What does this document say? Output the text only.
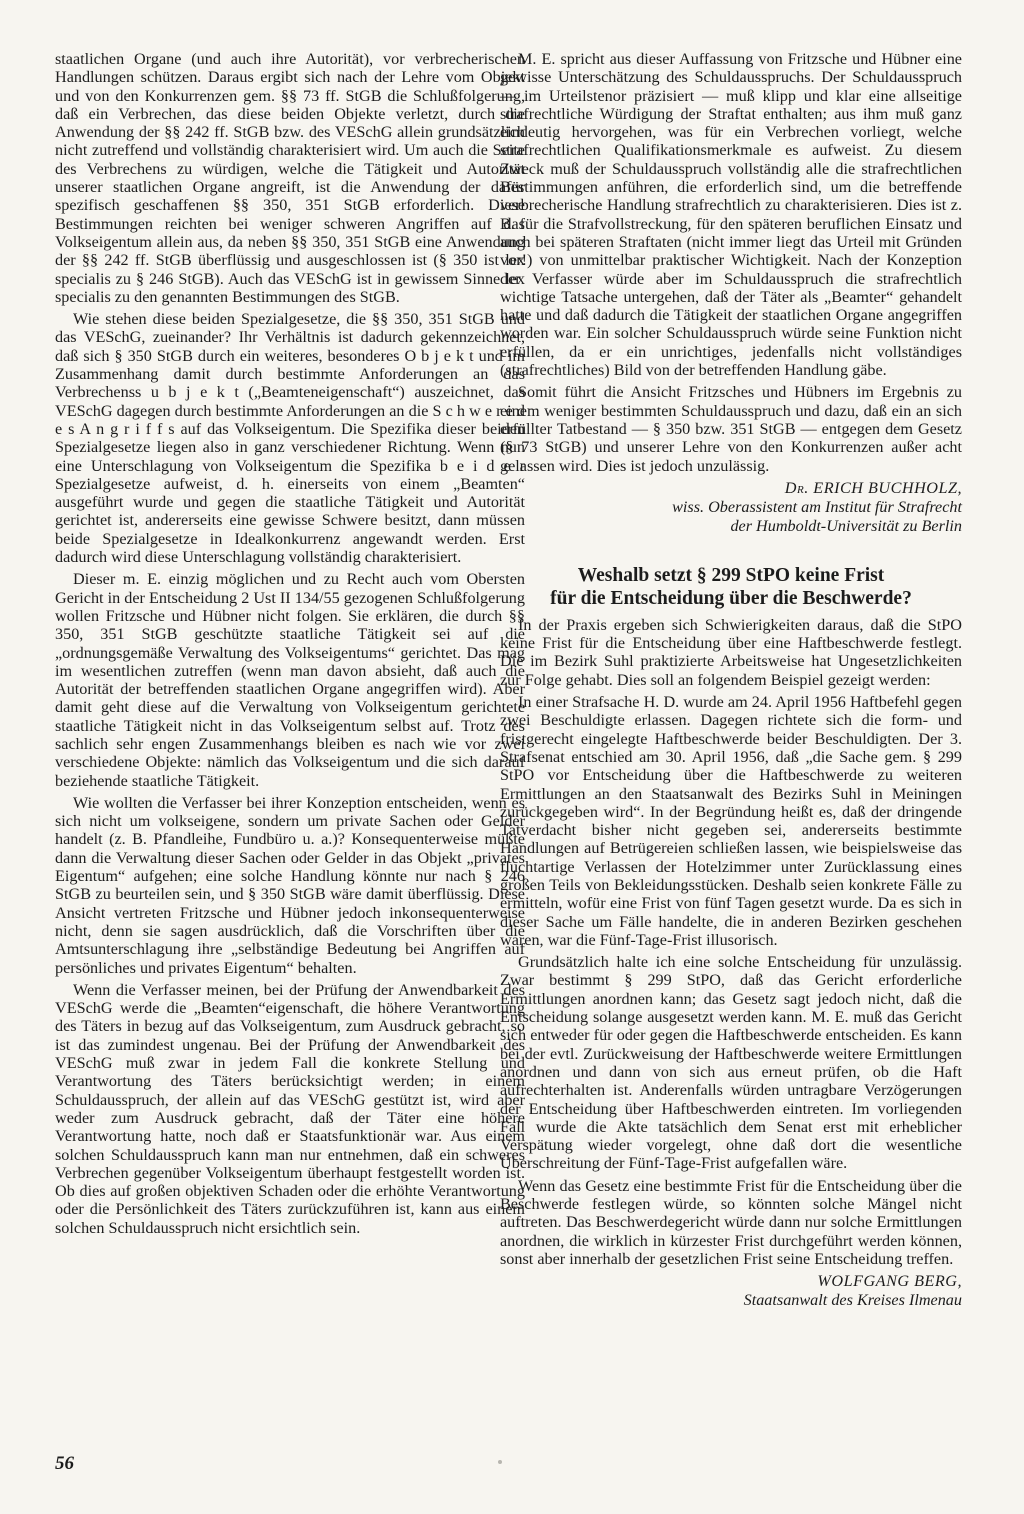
staatlichen Organe (und auch ihre Autorität), vor verbrecherischen Handlungen schützen. Daraus ergibt sich nach der Lehre vom Objekt und von den Konkurrenzen gem. §§ 73 ff. StGB die Schlußfolgerung, daß ein Verbrechen, das diese beiden Objekte verletzt, durch die Anwendung der §§ 242 ff. StGB bzw. des VESchG allein grundsätzlich nicht zutreffend und vollständig charakterisiert wird. Um auch die Seite des Verbrechens zu würdigen, welche die Tätigkeit und Autorität unserer staatlichen Organe angreift, ist die Anwendung der dafür spezifisch geschaffenen §§ 350, 351 StGB erforderlich. Diese Bestimmungen reichten bei weniger schweren Angriffen auf das Volkseigentum allein aus, da neben §§ 350, 351 StGB eine Anwendung der §§ 242 ff. StGB überflüssig und ausgeschlossen ist (§ 350 ist lex specialis zu § 246 StGB). Auch das VESchG ist in gewissem Sinne lex specialis zu den genannten Bestimmungen des StGB.

Wie stehen diese beiden Spezialgesetze, die §§ 350, 351 StGB und das VESchG, zueinander? Ihr Verhältnis ist dadurch gekennzeichnet, daß sich § 350 StGB durch ein weiteres, besonderes O b j e k t und im Zusammenhang damit durch bestimmte Anforderungen an das Verbrechenss u b j e k t („Beamteneigenschaft“) auszeichnet, das VESchG dagegen durch bestimmte Anforderungen an die S c h w e r e d e s A n g r i f f s auf das Volkseigentum. Die Spezifika dieser beiden Spezialgesetze liegen also in ganz verschiedener Richtung. Wenn nun eine Unterschlagung von Volkseigentum die Spezifika b e i d e r Spezialgesetze aufweist, d. h. einerseits von einem „Beamten“ ausgeführt wurde und gegen die staatliche Tätigkeit und Autorität gerichtet ist, andererseits eine gewisse Schwere besitzt, dann müssen beide Spezialgesetze in Idealkonkurrenz angewandt werden. Erst dadurch wird diese Unterschlagung vollständig charakterisiert.

Dieser m. E. einzig möglichen und zu Recht auch vom Obersten Gericht in der Entscheidung 2 Ust II 134/55 gezogenen Schlußfolgerung wollen Fritzsche und Hübner nicht folgen. Sie erklären, die durch §§ 350, 351 StGB geschützte staatliche Tätigkeit sei auf die „ordnungsgemäße Verwaltung des Volkseigentums“ gerichtet. Das mag im wesentlichen zutreffen (wenn man davon absieht, daß auch die Autorität der betreffenden staatlichen Organe angegriffen wird). Aber damit geht diese auf die Verwaltung von Volkseigentum gerichtete staatliche Tätigkeit nicht in das Volkseigentum selbst auf. Trotz des sachlich sehr engen Zusammenhangs bleiben es nach wie vor zwei verschiedene Objekte: nämlich das Volkseigentum und die sich darauf beziehende staatliche Tätigkeit.

Wie wollten die Verfasser bei ihrer Konzeption entscheiden, wenn es sich nicht um volkseigene, sondern um private Sachen oder Gelder handelt (z. B. Pfandleihe, Fundbüro u. a.)? Konsequenterweise müßte dann die Verwaltung dieser Sachen oder Gelder in das Objekt „privates Eigentum“ aufgehen; eine solche Handlung könnte nur nach § 246 StGB zu beurteilen sein, und § 350 StGB wäre damit überflüssig. Diese Ansicht vertreten Fritzsche und Hübner jedoch inkonsequenterweise nicht, denn sie sagen ausdrücklich, daß die Vorschriften über die Amtsunterschlagung ihre „selbständige Bedeutung bei Angriffen auf persönliches und privates Eigentum“ behalten.

Wenn die Verfasser meinen, bei der Prüfung der Anwendbarkeit des VESchG werde die „Beamten“eigenschaft, die höhere Verantwortung des Täters in bezug auf das Volkseigentum, zum Ausdruck gebracht, so ist das zumindest ungenau. Bei der Prüfung der Anwendbarkeit des VESchG muß zwar in jedem Fall die konkrete Stellung und Verantwortung des Täters berücksichtigt werden; in einem Schuldausspruch, der allein auf das VESchG gestützt ist, wird aber weder zum Ausdruck gebracht, daß der Täter eine höhere Verantwortung hatte, noch daß er Staatsfunktionär war. Aus einem solchen Schuldausspruch kann man nur entnehmen, daß ein schweres Verbrechen gegenüber Volkseigentum überhaupt festgestellt worden ist. Ob dies auf großen objektiven Schaden oder die erhöhte Verantwortung oder die Persönlichkeit des Täters zurückzuführen ist, kann aus einem solchen Schuldausspruch nicht ersichtlich sein.

M. E. spricht aus dieser Auffassung von Fritzsche und Hübner eine gewisse Unterschätzung des Schuldausspruchs. Der Schuldausspruch — im Urteilstenor präzisiert — muß klipp und klar eine allseitige strafrechtliche Würdigung der Straftat enthalten; aus ihm muß ganz eindeutig hervorgehen, was für ein Verbrechen vorliegt, welche strafrechtlichen Qualifikationsmerkmale es aufweist. Zu diesem Zweck muß der Schuldausspruch vollständig alle die strafrechtlichen Bestimmungen anführen, die erforderlich sind, um die betreffende verbrecherische Handlung strafrechtlich zu charakterisieren. Dies ist z. B. für die Strafvollstreckung, für den späteren beruflichen Einsatz und auch bei späteren Straftaten (nicht immer liegt das Urteil mit Gründen vor!) von unmittelbar praktischer Wichtigkeit. Nach der Konzeption der Verfasser würde aber im Schuldausspruch die strafrechtlich wichtige Tatsache untergehen, daß der Täter als „Beamter“ gehandelt hatte und daß dadurch die Tätigkeit der staatlichen Organe angegriffen worden war. Ein solcher Schuldausspruch würde seine Funktion nicht erfüllen, da er ein unrichtiges, jedenfalls nicht vollständiges (strafrechtliches) Bild von der betreffenden Handlung gäbe.

Somit führt die Ansicht Fritzsches und Hübners im Ergebnis zu einem weniger bestimmten Schuldausspruch und dazu, daß ein an sich erfüllter Tatbestand — § 350 bzw. 351 StGB — entgegen dem Gesetz (§ 73 StGB) und unserer Lehre von den Konkurrenzen außer acht gelassen wird. Dies ist jedoch unzulässig.

Dr. ERICH BUCHHOLZ,
wiss. Oberassistent am Institut für Strafrecht
der Humboldt-Universität zu Berlin
Weshalb setzt § 299 StPO keine Frist
für die Entscheidung über die Beschwerde?

In der Praxis ergeben sich Schwierigkeiten daraus, daß die StPO keine Frist für die Entscheidung über eine Haftbeschwerde festlegt. Die im Bezirk Suhl praktizierte Arbeitsweise hat Ungesetzlichkeiten zur Folge gehabt. Dies soll an folgendem Beispiel gezeigt werden:

In einer Strafsache H. D. wurde am 24. April 1956 Haftbefehl gegen zwei Beschuldigte erlassen. Dagegen richtete sich die form- und fristgerecht eingelegte Haftbeschwerde beider Beschuldigten. Der 3. Strafsenat entschied am 30. April 1956, daß „die Sache gem. § 299 StPO vor Entscheidung über die Haftbeschwerde zu weiteren Ermittlungen an den Staatsanwalt des Bezirks Suhl in Meiningen zurückgegeben wird“. In der Begründung heißt es, daß der dringende Tatverdacht bisher nicht gegeben sei, andererseits bestimmte Handlungen auf Betrügereien schließen lassen, wie beispielsweise das fluchtartige Verlassen der Hotelzimmer unter Zurücklassung eines großen Teils von Bekleidungsstücken. Deshalb seien konkrete Fälle zu ermitteln, wofür eine Frist von fünf Tagen gesetzt wurde. Da es sich in dieser Sache um Fälle handelte, die in anderen Bezirken geschehen waren, war die Fünf-Tage-Frist illusorisch.

Grundsätzlich halte ich eine solche Entscheidung für unzulässig. Zwar bestimmt § 299 StPO, daß das Gericht erforderliche Ermittlungen anordnen kann; das Gesetz sagt jedoch nicht, daß die Entscheidung solange ausgesetzt werden kann. M. E. muß das Gericht sich entweder für oder gegen die Haftbeschwerde entscheiden. Es kann bei der evtl. Zurückweisung der Haftbeschwerde weitere Ermittlungen anordnen und dann von sich aus erneut prüfen, ob die Haft aufrechterhalten ist. Anderenfalls würden untragbare Verzögerungen der Entscheidung über Haftbeschwerden eintreten. Im vorliegenden Fall wurde die Akte tatsächlich dem Senat erst mit erheblicher Verspätung wieder vorgelegt, ohne daß dort die wesentliche Überschreitung der Fünf-Tage-Frist aufgefallen wäre.

Wenn das Gesetz eine bestimmte Frist für die Entscheidung über die Beschwerde festlegen würde, so könnten solche Mängel nicht auftreten. Das Beschwerdegericht würde dann nur solche Ermittlungen anordnen, die wirklich in kürzester Frist durchgeführt werden können, sonst aber innerhalb der gesetzlichen Frist seine Entscheidung treffen.

WOLFGANG BERG,
Staatsanwalt des Kreises Ilmenau
56
